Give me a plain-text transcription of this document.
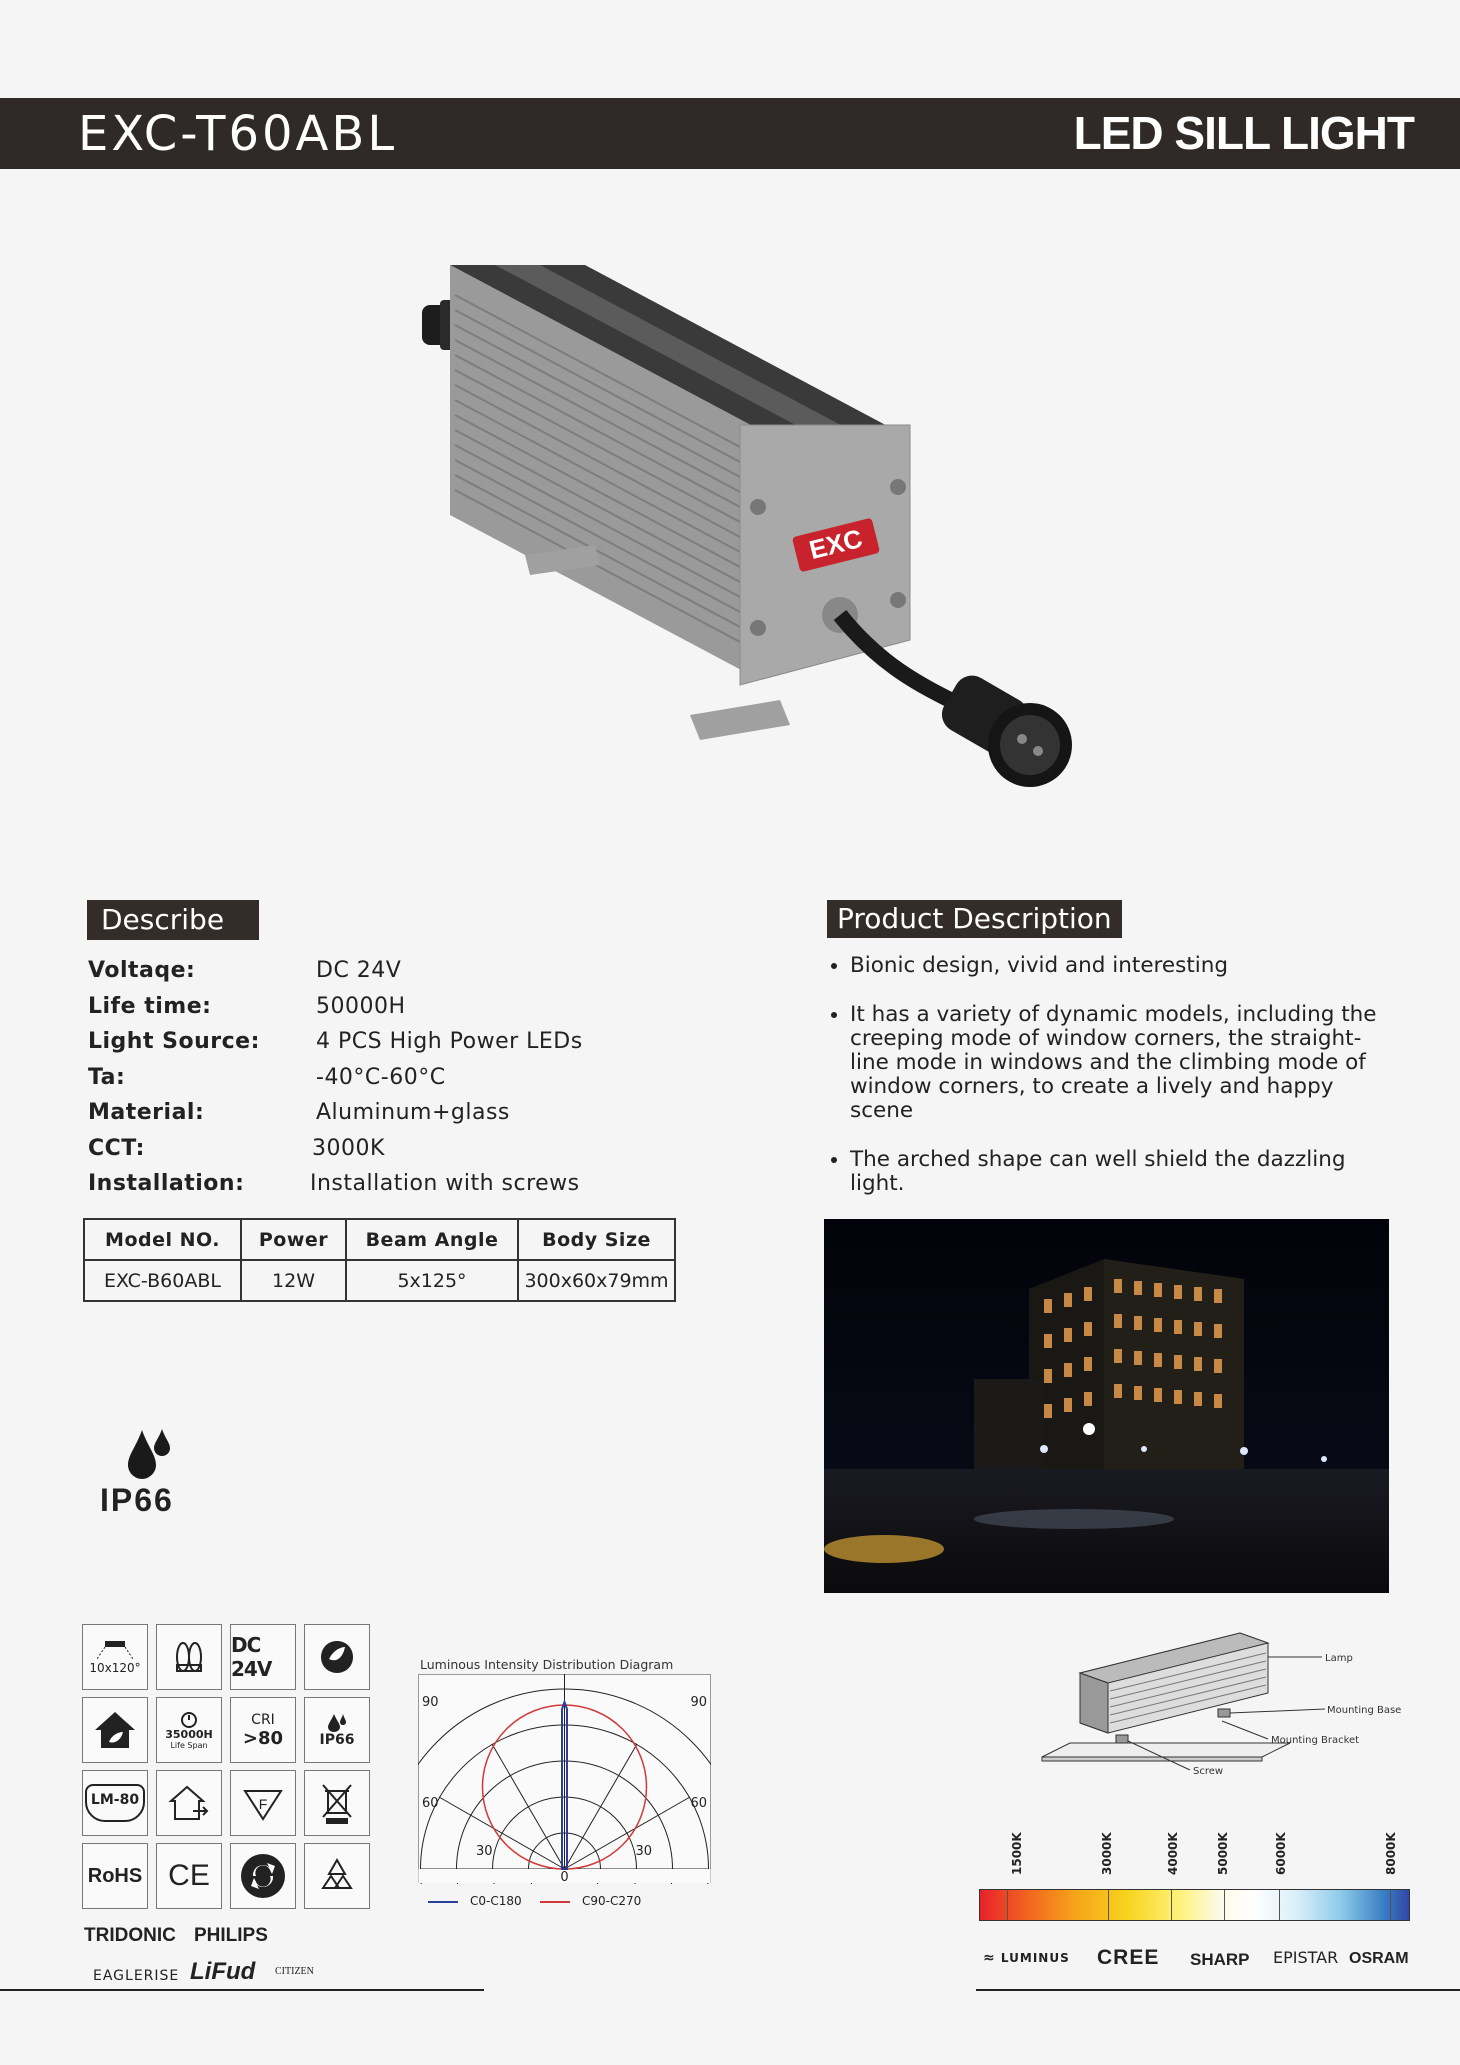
EXC-T60ABL	LED SILL LIGHT
EXC
Describe
Voltaqe:	DC 24V
Life time:	50000H
Light Source:	4 PCS High Power LEDs
Ta:	-40°C-60°C
Material:	Aluminum+glass
CCT:	3000K
Installation:	Installation with screws
Model NO.	Power	Beam Angle	Body Size
EXC-B60ABL	12W	5x125°	300x60x79mm
Product Description
• Bionic design, vivid and interesting
• It has a variety of dynamic models, including the creeping mode of window corners, the straight-line mode in windows and the climbing mode of window corners, to create a lively and happy scene
• The arched shape can well shield the dazzling light.
•
IP66
10x120°
DC 24V
35000H
Life Span
CRI
>80	IP66
LM-80	F
RoHS CE
TRIDONIC PHILIPS
EAGLERISE LiFud CITIZEN
Luminous Intensity Distribution Diagram
90	90
60	60
30	30
0
C0-C180	C90-C270
Lamp
Mounting Base
Mounting Bracket
Screw
1500K	3000K	4000K	5000K	6000K	8000K
≈ LUMINUS CREE SHARP EPISTAR OSRAM
